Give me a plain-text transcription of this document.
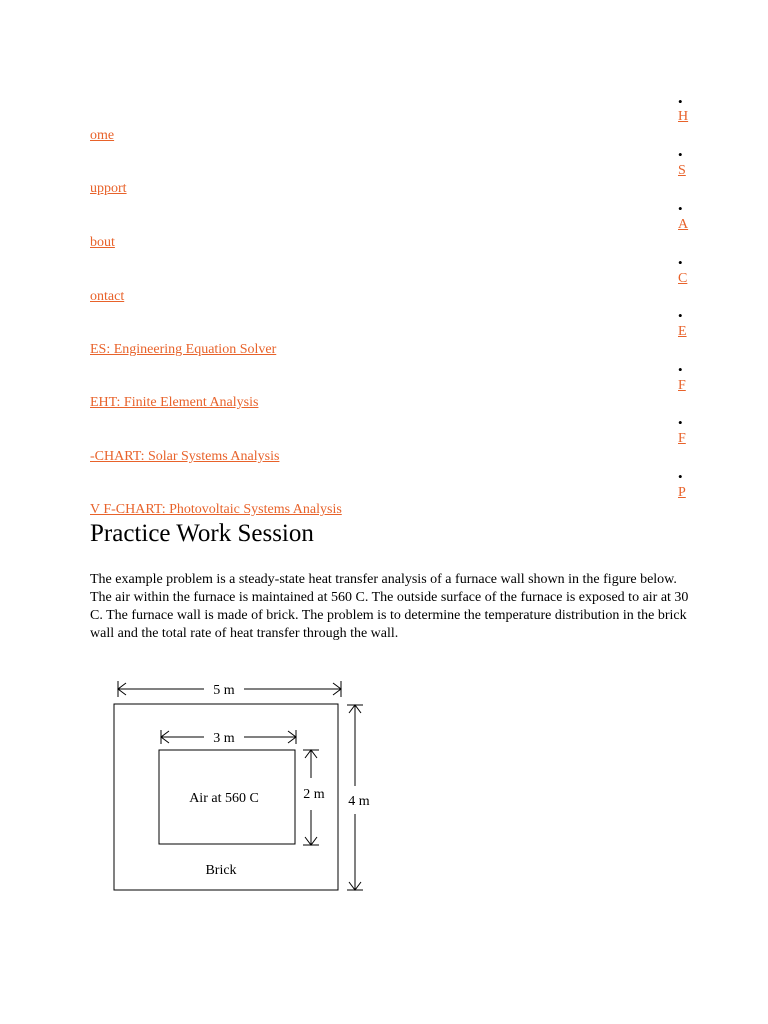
•
H
•
S
•
A
•
C
•
E
•
F
•
F
•
P
ome
upport
bout
ontact
ES: Engineering Equation Solver
EHT: Finite Element Analysis
-CHART: Solar Systems Analysis
V F-CHART: Photovoltaic Systems Analysis
Practice Work Session

The example problem is a steady-state heat transfer analysis of a furnace wall shown in the figure below. The air within the furnace is maintained at 560 C. The outside surface of the furnace is exposed to air at 30 C. The furnace wall is made of brick. The problem is to determine the temperature distribution in the brick wall and the total rate of heat transfer through the wall.

5 m
3 m
2 m 4 m
Air at 560 C
Brick
